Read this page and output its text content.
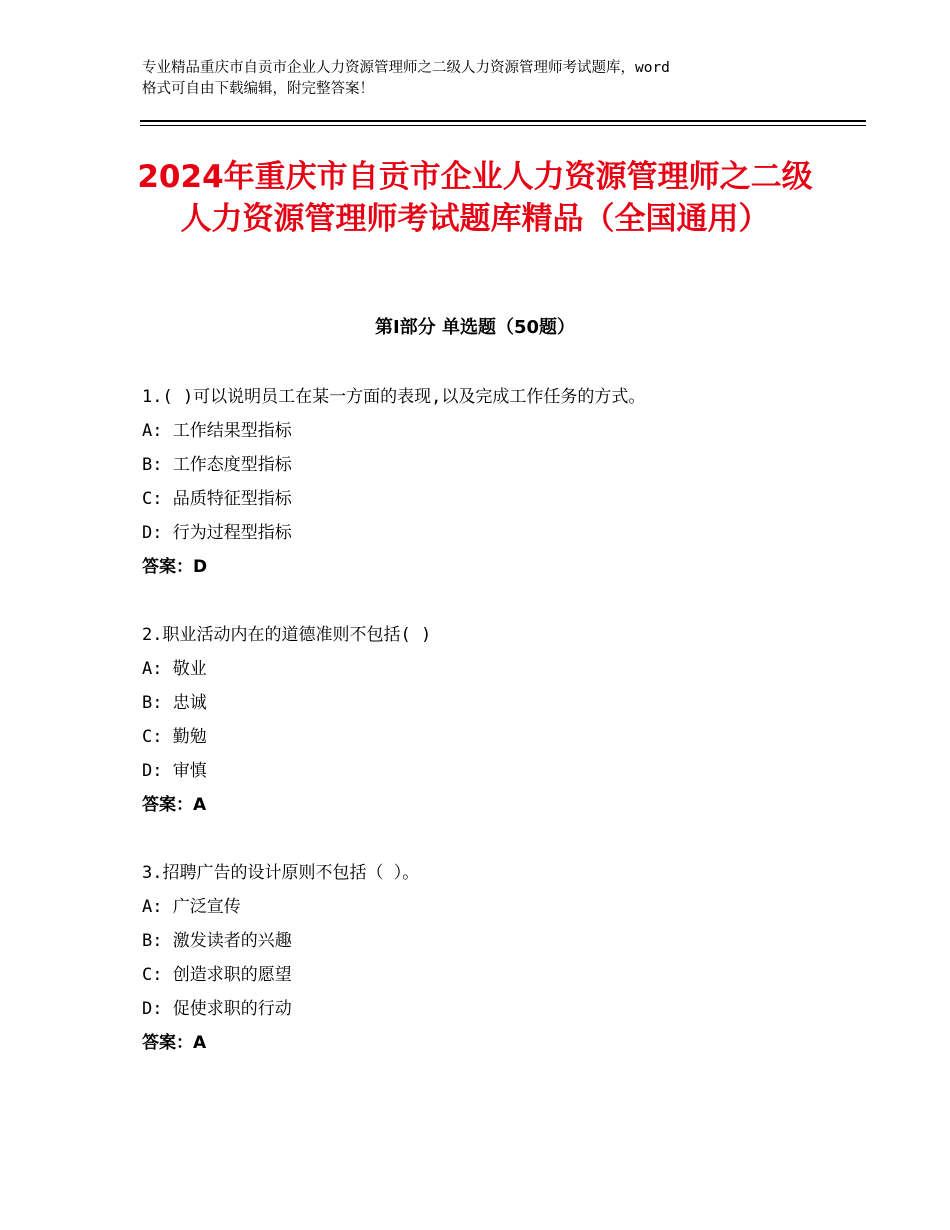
专业精品重庆市自贡市企业人力资源管理师之二级人力资源管理师考试题库，word
格式可自由下载编辑，附完整答案！
2024年重庆市自贡市企业人力资源管理师之二级人力资源管理师考试题库精品（全国通用）
第Ⅰ部分 单选题（50题）
1.( )可以说明员工在某一方面的表现,以及完成工作任务的方式。
A: 工作结果型指标
B: 工作态度型指标
C: 品质特征型指标
D: 行为过程型指标
答案：D
2.职业活动内在的道德准则不包括( )
A: 敬业
B: 忠诚
C: 勤勉
D: 审慎
答案：A
3.招聘广告的设计原则不包括（ ）。
A: 广泛宣传
B: 激发读者的兴趣
C: 创造求职的愿望
D: 促使求职的行动
答案：A
